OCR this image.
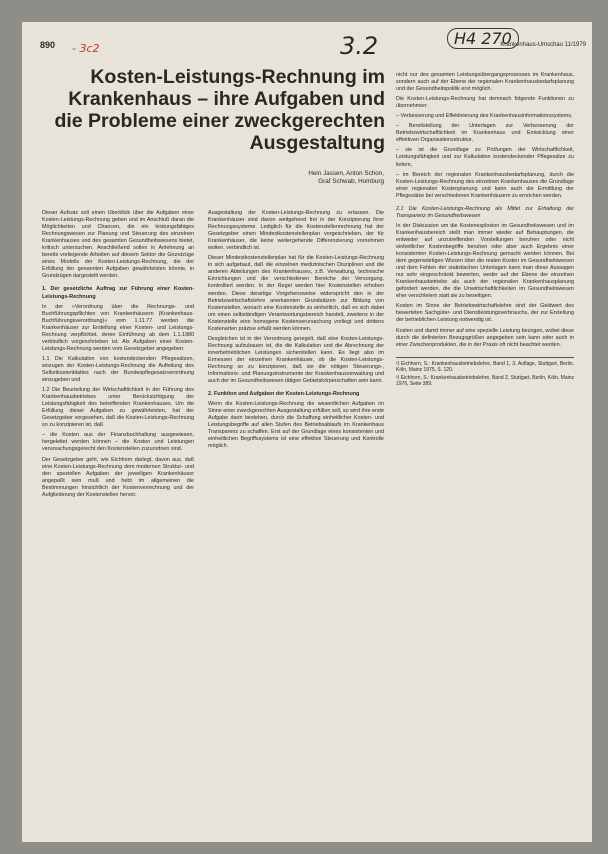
890 - 3c2	3.2	H4 270
Krankenhaus-Umschau 11/1979
Kosten-Leistungs-Rechnung im Krankenhaus – ihre Aufgaben und die Probleme einer zweckgerechten Ausgestaltung
Hein Jassen, Anton Schon,
Graf Schwab, Homburg

Dieser Aufsatz soll einen Überblick über die Aufgaben einer Kosten-Leistungs-Rechnung geben und im Anschluß daran die Möglichkeiten und Chancen, die ein leistungsfähiges Rechnungswesen zur Planung und Steuerung des einzelnen Krankenhauses und des gesamten Gesundheitswesens bietet, kritisch untersuchen. Anschließend sollen in Anlehnung an bereits vorliegende Arbeiten auf diesem Sektor die Grundzüge eines Modells der Kosten-Leistungs-Rechnung, die der Erfüllung der genannten Aufgaben gewährleisten könnte, in Grundzügen dargestellt werden.

1. Der gesetzliche Auftrag zur Führung einer Kosten-Leistungs-Rechnung

In der »Verordnung über die Rechnungs- und Buchführungspflichten von Krankenhäusern (Krankenhaus-Buchführungsverordnung)« vom 1.11.77 werden die Krankenhäuser zur Erstellung einer Kosten- und Leistungs-Rechnung verpflichtet, deren Einführung ab dem 1.1.1980 verbindlich vorgeschrieben ist. Als Aufgaben einer Kosten-Leistungs-Rechnung werden vom Gesetzgeber angegeben:

1.1 Die Kalkulation von kostendeckenden Pflegesätzen, wozugen der Kosten-Leistungs-Rechnung die Aufteilung des Selbstkostenblattes nach der Bundespflegesatzverordnung einzugeben und

1.2 Die Beurteilung der Wirtschaftlichkeit in der Führung des Krankenhausbetriebes unter Berücksichtigung der Leistungsfähigkeit des betreffenden Krankenhauses. Um die Erfüllung dieser Aufgaben zu gewährleisten, hat der Gesetzgeber vorgesehen, daß die Kosten-Leistungs-Rechnung so zu konzipieren ist, daß

– die Kosten aus der Finanzbuchhaltung ausgewiesen, hergeleitet werden können – die Kosten und Leistungen verursachungsgerecht den Kostenstellen zuzuordnen sind.

Der Gesetzgeber geht, wie Eichhorn darlegt, davon aus, daß eine Kosten-Leistungs-Rechnung dem modernen Struktur- und den speziellen Aufgaben der jeweiligen Krankenhäuser angepaßt sein muß und hebt im allgemeinen die Bestimmungen hinsichtlich der Kostenverrechnung und der Aufgliederung der Kostenstellen hervor.

Ausgestaltung der Kosten-Leistungs-Rechnung zu erlassen. Die Krankenhäuser sind davon weitgehend frei in der Konzipierung ihrer Rechnungssysteme. Lediglich für die Kostenstellenrechnung hat der Gesetzgeber einen Mindestkostenstellenplan vorgeschrieben, der für Krankenhäuser, die keine weitergehende Differenzierung vornehmen wollen, verbindlich ist.

Dieser Mindestkostenstellenplan hat für die Kosten-Leistungs-Rechnung in sich aufgebaut, daß die einzelnen medizinischen Disziplinen und die anderen Abteilungen des Krankenhauses, z.B. Verwaltung, technische Einrichtungen und die verschiedenen Bereiche der Versorgung, kontrolliert werden. In der Regel werden hier Kostenstellen erhoben werden. Diese derartige Vorgehensweise widerspricht den in der Betriebswirtschaftslehre anerkannten Grundsätzen zur Bildung von Kostenstellen, wonach eine Kostenstelle zu einheitlich, daß es sich dabei um einen selbständigen Verantwortungsbereich handelt, zweitens in der Kostenstelle eine homogene Kostenverursachung vorliegt und drittens Kostenarten präzise erfaßt werden können.

Desgleichen ist in der Verordnung geregelt, daß eine Kosten-Leistungs-Rechnung aufzubauen ist, die die Kalkulation und die Abrechnung der innerbetrieblichen Leistungen sicherstellen kann. Es liegt also im Ermessen der einzelnen Krankenhäuser, ob die Kosten-Leistungs-Rechnung so zu konzipieren, daß sie die nötigen Steuerungs-, Informations- und Planungsinstrumente der Krankenhausverwaltung und auch der im Gesundheitswesen tätigen Gebietskörperschaften sein kann.

2. Funktion und Aufgaben der Kosten-Leistungs-Rechnung

Wenn die Kosten-Leistungs-Rechnung die wesentlichen Aufgaben im Sinne einer zweckgerechten Ausgestaltung erfüllen soll, so wird ihre erste Aufgabe darin bestehen, durch die Schaffung einheitlicher Kosten- und Leistungsbegriffe auf allen Stufen des Betriebsablaufs im Krankenhaus Transparenz zu schaffen. Erst auf der Grundlage eines konsistenten und einheitlichen Begriffssystems ist eine effektive Steuerung und Kontrolle möglich.

nicht nur des gesamten Leistungsübergangsprozesses im Krankenhaus, sondern auch auf der Ebene der regionalen Krankenhausbedarfsplanung und der Gesundheitspolitik erst möglich.

Die Kosten-Leistungs-Rechnung hat demnach folgende Funktionen zu übernehmen:

– Verbesserung und Effektivierung des Krankenhausinformationssystems,

– Bereitstellung der Unterlagen zur Verbesserung der Betriebswirtschaftlichkeit im Krankenhaus und Entwicklung einer effektiven Organisationsstruktur,

– sie ist die Grundlage zu Prüfungen der Wirtschaftlichkeit, Leistungsfähigkeit und zur Kalkulation kostendeckender Pflegesätze zu liefern,

– im Bereich der regionalen Krankenhausbedarfsplanung, durch die Kosten-Leistungs-Rechnung des einzelnen Krankenhauses die Grundlage einer regionalen Kostenplanung und kann auch die Ermittlung der Pflegesätze bei verschiedenen Krankenhäusern zu erreichen werden.

2.1 Die Kosten-Leistungs-Rechnung als Mittel zur Erhaltung der Transparenz im Gesundheitswesen

In der Diskussion um die Kostenexplosion im Gesundheitswesen und im Krankenhausbereich stellt man immer wieder auf Behauptungen, die entweder auf unzutreffenden Vorstellungen beruhen oder nicht einheitlicher Kostenbegriffe beruhen oder aber auch Ergebnis einer konsistenten Kosten-Leistungs-Rechnung gemacht werden können. Bei dem gegenwärtigen Wissen über die realen Kosten im Gesundheitswesen und dem Fehlen der statistischen Unterlagen kann man diese Aussagen nur sehr eingeschränkt bewerten, weder auf der Ebene der einzelnen Krankenhausbetriebe als auch der regionalen Krankenhausplanung gefordert werden, die die Unwirtschaftlichkeiten im Gesundheitswesen eher verschleiern statt sie zu beseitigen.

Kosten im Sinne der Betriebswirtschaftslehre sind der Geldwert des bewerteten Sachgüter- und Dienstleistungsverbrauchs, der zur Erstellung der betrieblichen Leistung notwendig ist.

Kosten und damit immer auf eine spezielle Leistung bezogen, wobei diese durch die definierten Bezugsgrößen angegeben sein kann oder auch in einer Zwischenprodukten, die in der Praxis oft nicht beachtet werden.

¹) Eichhorn, S.: Krankenhausbetriebslehre, Band 1, 3. Auflage, Stuttgart, Berlin, Köln, Mainz 1975, S. 120.

²) Eichhorn, S.: Krankenhausbetriebslehre, Band 2, Stuttgart, Berlin, Köln, Mainz 1976, Seite 389.
